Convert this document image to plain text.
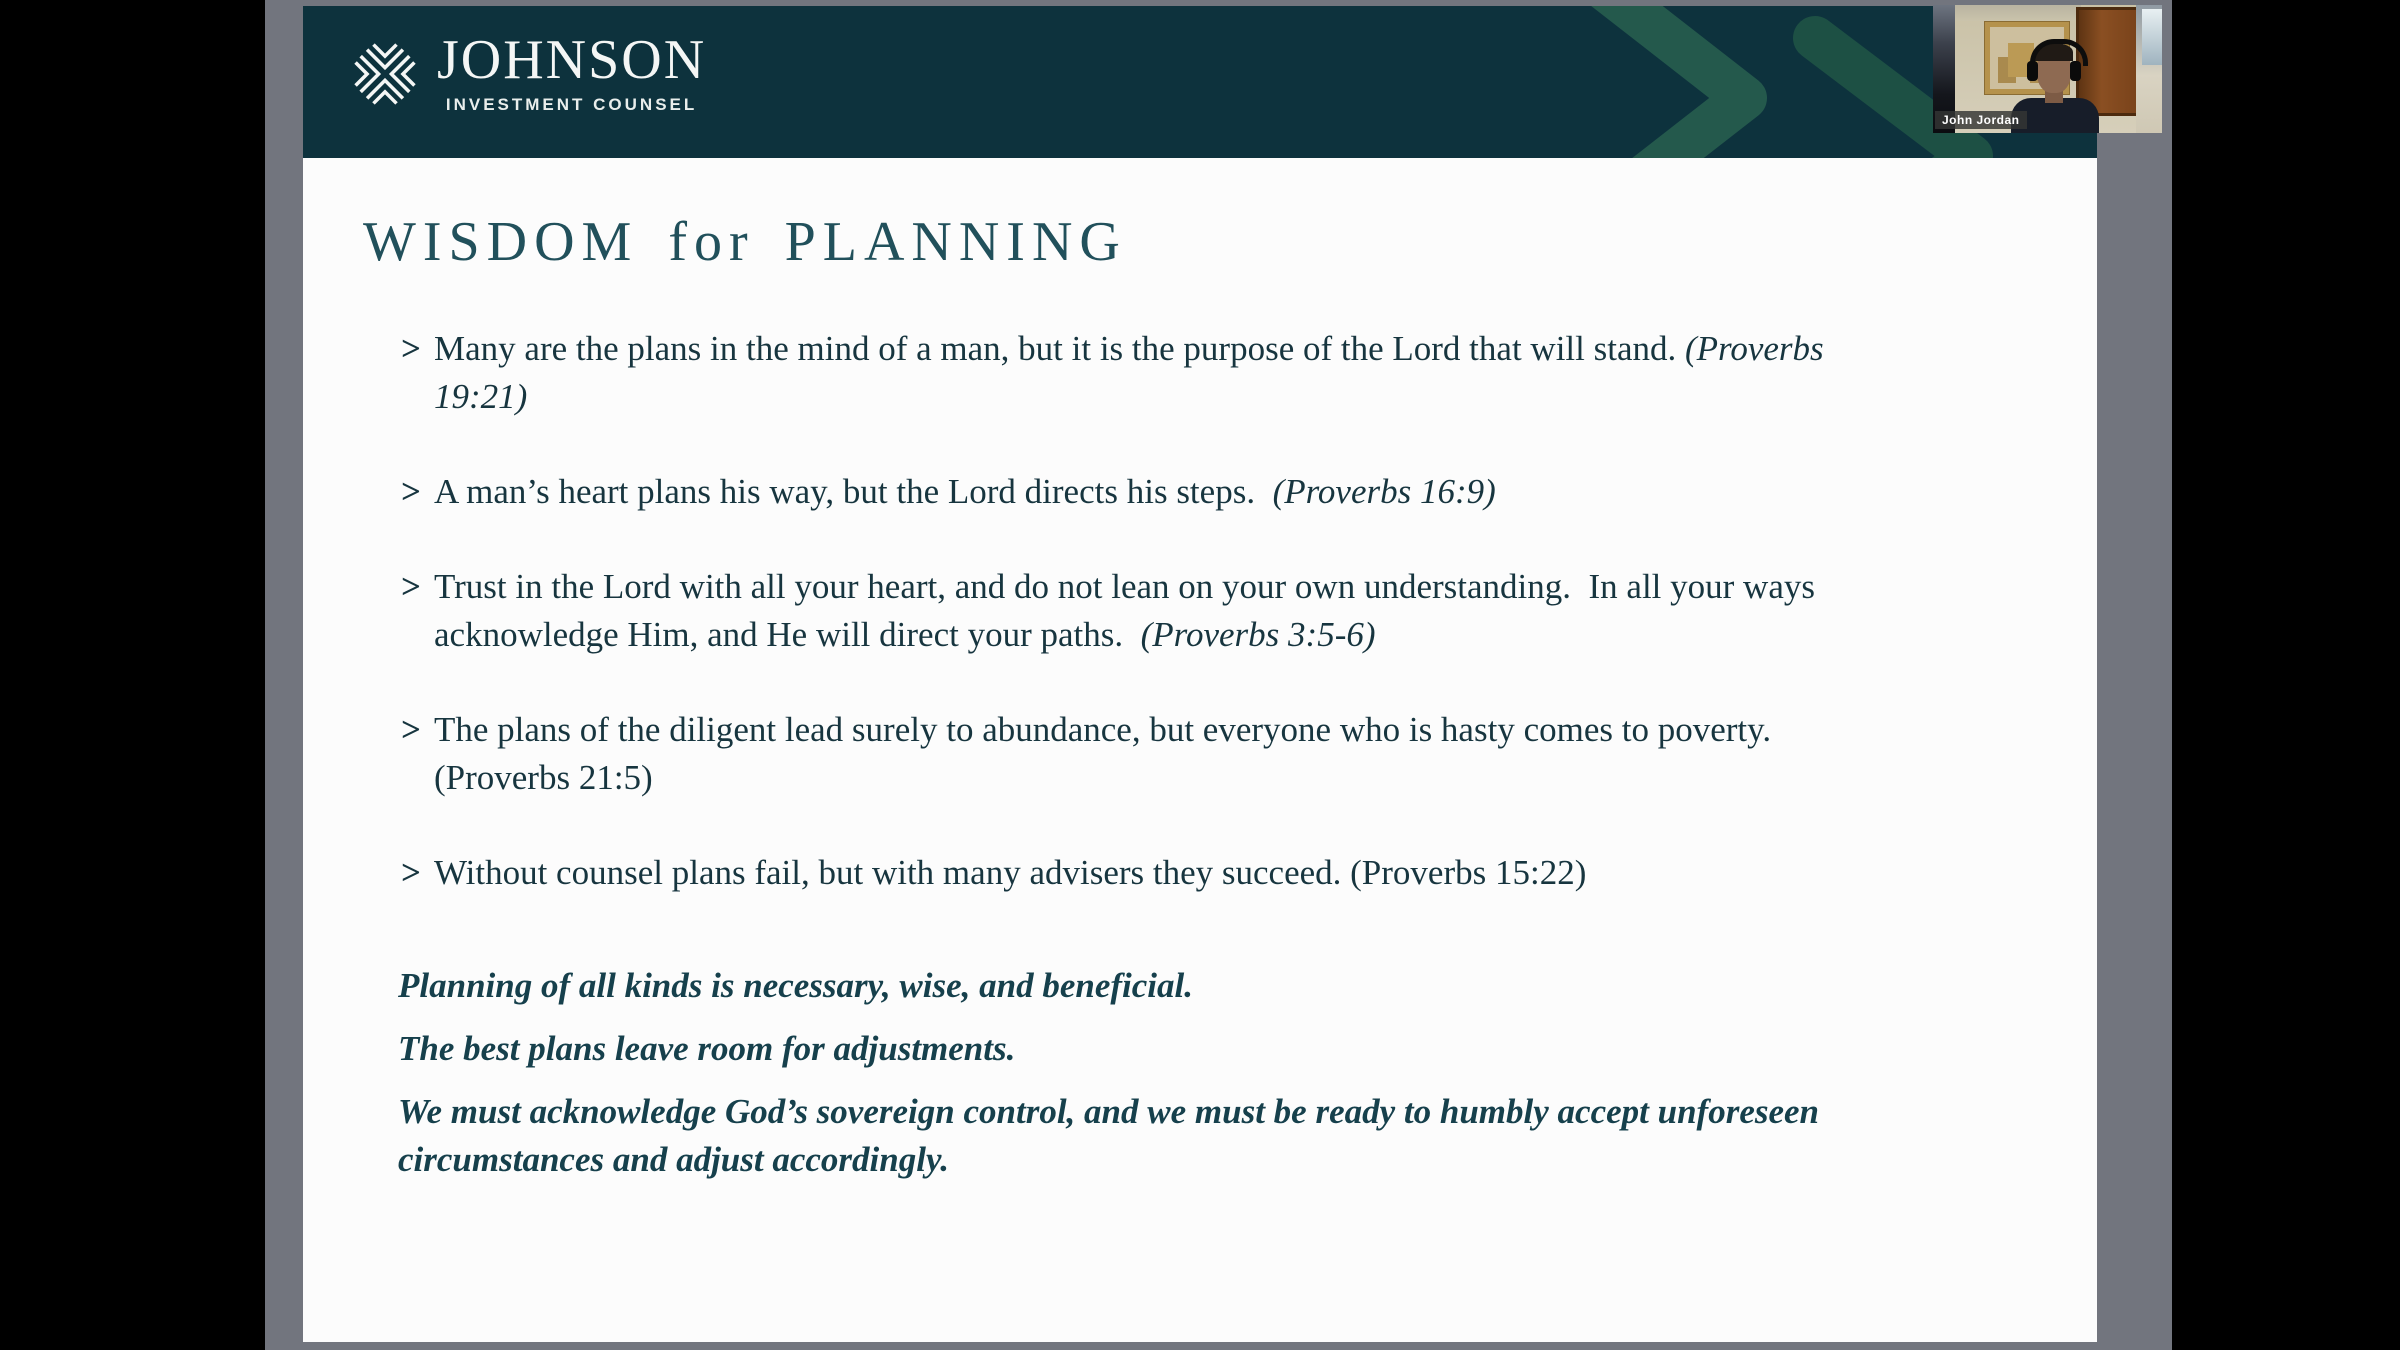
JOHNSON
INVESTMENT COUNSEL
WISDOM for PLANNING
> Many are the plans in the mind of a man, but it is the purpose of the Lord that will stand. (Proverbs 19:21)
> A man’s heart plans his way, but the Lord directs his steps.  (Proverbs 16:9)
> Trust in the Lord with all your heart, and do not lean on your own understanding.  In all your ways acknowledge Him, and He will direct your paths.  (Proverbs 3:5-6)
> The plans of the diligent lead surely to abundance, but everyone who is hasty comes to poverty. (Proverbs 21:5)
> Without counsel plans fail, but with many advisers they succeed. (Proverbs 15:22)

Planning of all kinds is necessary, wise, and beneficial.

The best plans leave room for adjustments.

We must acknowledge God’s sovereign control, and we must be ready to humbly accept unforeseen circumstances and adjust accordingly.

John Jordan
